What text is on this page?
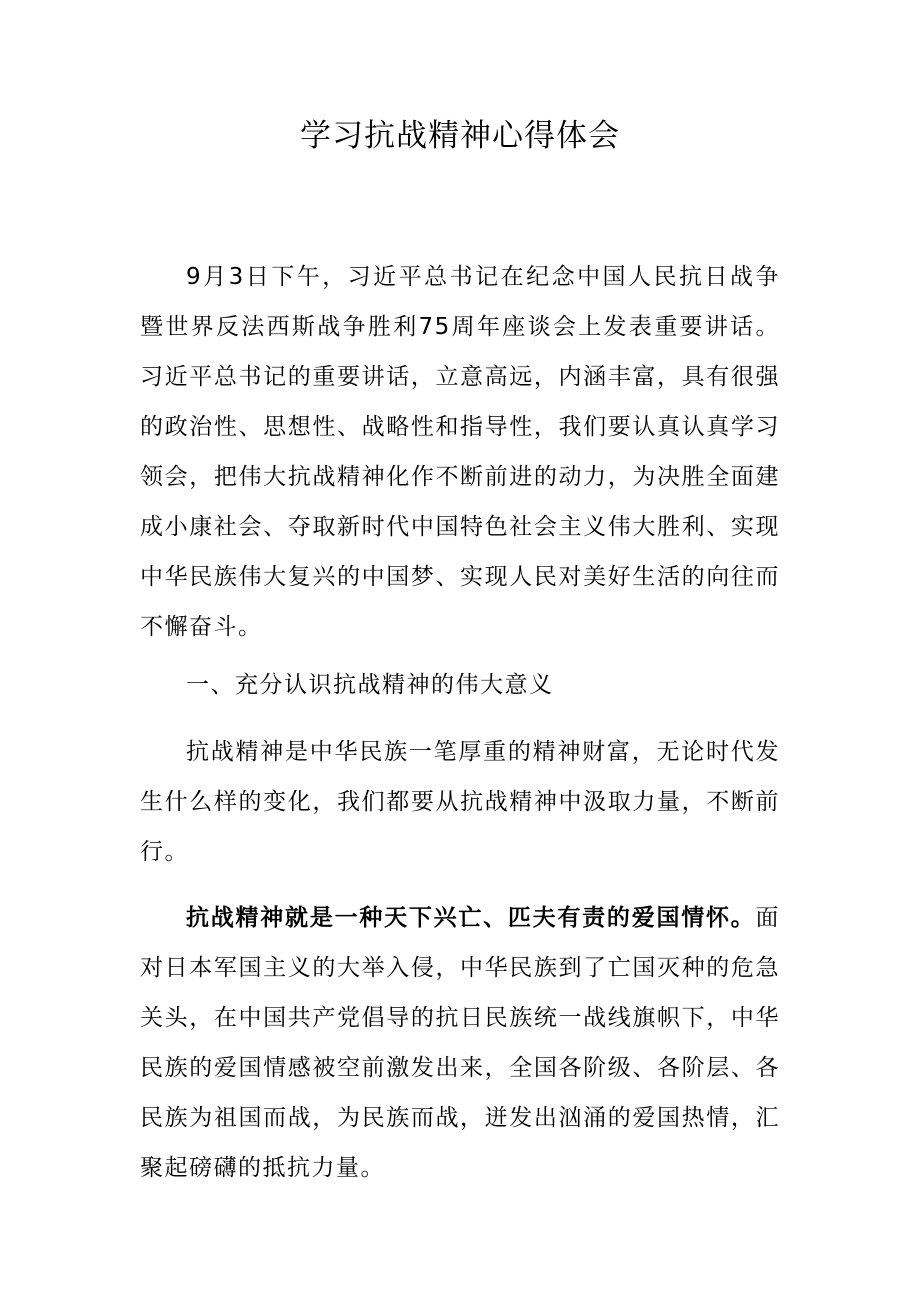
学习抗战精神心得体会

9月3日下午，习近平总书记在纪念中国人民抗日战争暨世界反法西斯战争胜利75周年座谈会上发表重要讲话。习近平总书记的重要讲话，立意高远，内涵丰富，具有很强的政治性、思想性、战略性和指导性，我们要认真认真学习领会，把伟大抗战精神化作不断前进的动力，为决胜全面建成小康社会、夺取新时代中国特色社会主义伟大胜利、实现中华民族伟大复兴的中国梦、实现人民对美好生活的向往而不懈奋斗。

一、充分认识抗战精神的伟大意义

抗战精神是中华民族一笔厚重的精神财富，无论时代发生什么样的变化，我们都要从抗战精神中汲取力量，不断前行。

抗战精神就是一种天下兴亡、匹夫有责的爱国情怀。面对日本军国主义的大举入侵，中华民族到了亡国灭种的危急关头，在中国共产党倡导的抗日民族统一战线旗帜下，中华民族的爱国情感被空前激发出来，全国各阶级、各阶层、各民族为祖国而战，为民族而战，迸发出汹涌的爱国热情，汇聚起磅礴的抵抗力量。
